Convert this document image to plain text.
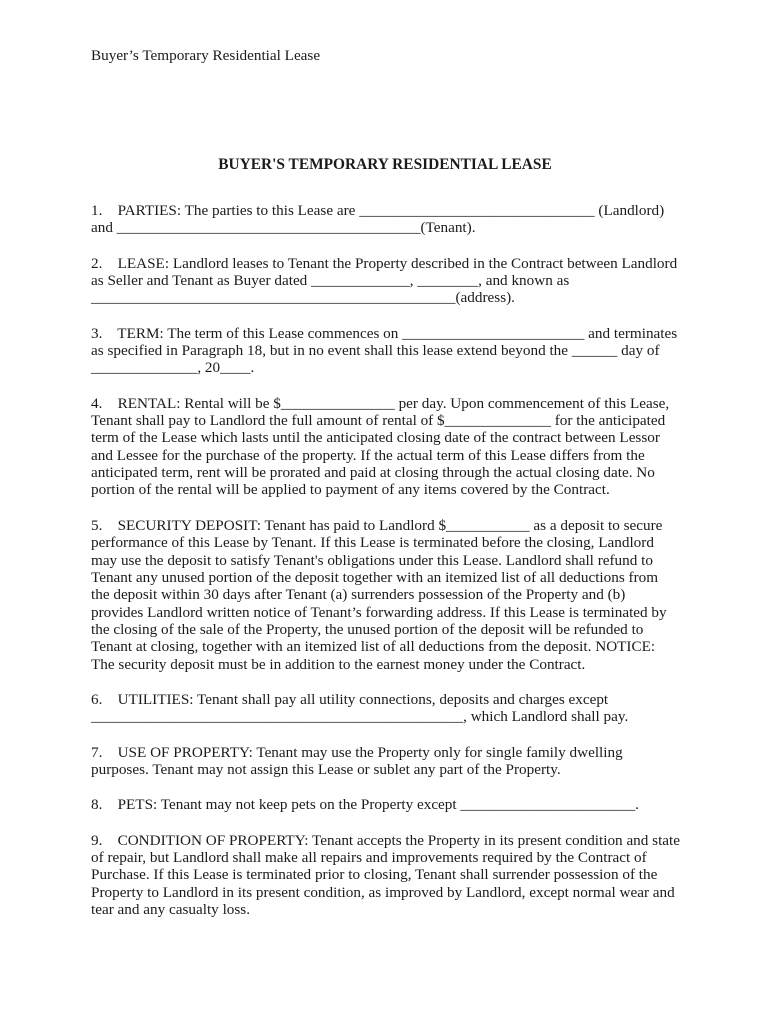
Buyer’s Temporary Residential Lease
BUYER'S TEMPORARY RESIDENTIAL LEASE
1.    PARTIES: The parties to this Lease are _______________________________ (Landlord)
and ________________________________________(Tenant).
2.    LEASE: Landlord leases to Tenant the Property described in the Contract between Landlord
as Seller and Tenant as Buyer dated _____________, ________, and known as
________________________________________________(address).
3.    TERM: The term of this Lease commences on ________________________ and terminates
as specified in Paragraph 18, but in no event shall this lease extend beyond the ______ day of
______________, 20____.
4.    RENTAL: Rental will be $_______________ per day. Upon commencement of this Lease,
Tenant shall pay to Landlord the full amount of rental of $______________ for the anticipated
term of the Lease which lasts until the anticipated closing date of the contract between Lessor
and Lessee for the purchase of the property. If the actual term of this Lease differs from the
anticipated term, rent will be prorated and paid at closing through the actual closing date. No
portion of the rental will be applied to payment of any items covered by the Contract.
5.    SECURITY DEPOSIT: Tenant has paid to Landlord $___________ as a deposit to secure
performance of this Lease by Tenant. If this Lease is terminated before the closing, Landlord
may use the deposit to satisfy Tenant's obligations under this Lease. Landlord shall refund to
Tenant any unused portion of the deposit together with an itemized list of all deductions from
the deposit within 30 days after Tenant (a) surrenders possession of the Property and (b)
provides Landlord written notice of Tenant’s forwarding address. If this Lease is terminated by
the closing of the sale of the Property, the unused portion of the deposit will be refunded to
Tenant at closing, together with an itemized list of all deductions from the deposit. NOTICE:
The security deposit must be in addition to the earnest money under the Contract.
6.    UTILITIES: Tenant shall pay all utility connections, deposits and charges except
_________________________________________________, which Landlord shall pay.
7.    USE OF PROPERTY: Tenant may use the Property only for single family dwelling
purposes. Tenant may not assign this Lease or sublet any part of the Property.
8.    PETS: Tenant may not keep pets on the Property except _______________________.
9.    CONDITION OF PROPERTY: Tenant accepts the Property in its present condition and state
of repair, but Landlord shall make all repairs and improvements required by the Contract of
Purchase. If this Lease is terminated prior to closing, Tenant shall surrender possession of the
Property to Landlord in its present condition, as improved by Landlord, except normal wear and
tear and any casualty loss.
